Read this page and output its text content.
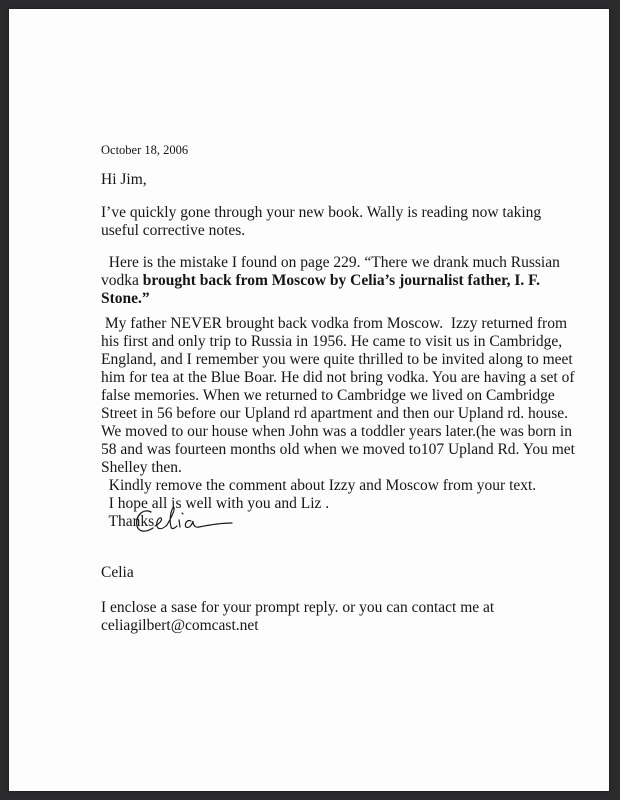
October 18, 2006
Hi Jim,
I’ve quickly gone through your new book. Wally is reading now taking
useful corrective notes.
Here is the mistake I found on page 229. “There we drank much Russian
vodka brought back from Moscow by Celia’s journalist father, I. F.
Stone.”
My father NEVER brought back vodka from Moscow.  Izzy returned from
his first and only trip to Russia in 1956. He came to visit us in Cambridge,
England, and I remember you were quite thrilled to be invited along to meet
him for tea at the Blue Boar. He did not bring vodka. You are having a set of
false memories. When we returned to Cambridge we lived on Cambridge
Street in 56 before our Upland rd apartment and then our Upland rd. house.
We moved to our house when John was a toddler years later.(he was born in
58 and was fourteen months old when we moved to107 Upland Rd. You met
Shelley then.
Kindly remove the comment about Izzy and Moscow from your text.
I hope all is well with you and Liz .
Thanks
Celia
I enclose a sase for your prompt reply. or you can contact me at
celiagilbert@comcast.net
